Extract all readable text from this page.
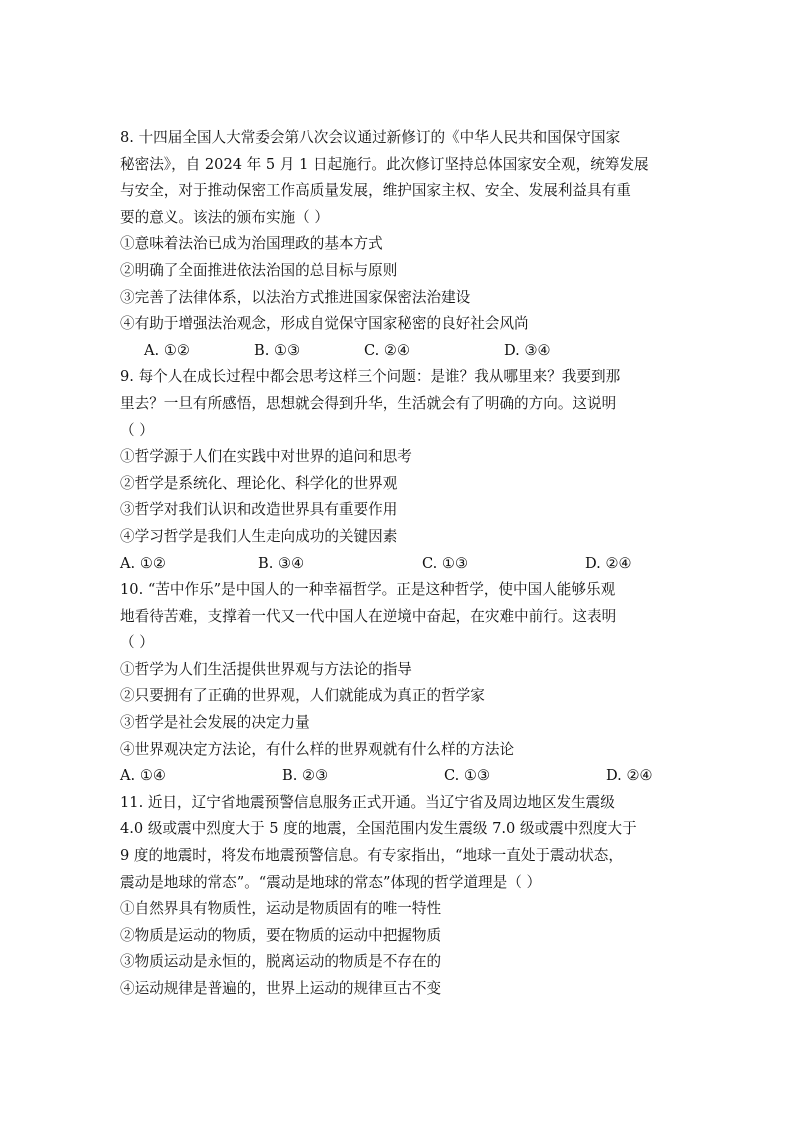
8. 十四届全国人大常委会第八次会议通过新修订的《中华人民共和国保守国家
秘密法》，自 2024 年 5 月 1 日起施行。此次修订坚持总体国家安全观，统筹发展
与安全，对于推动保密工作高质量发展，维护国家主权、安全、发展利益具有重
要的意义。该法的颁布实施（ ）
①意味着法治已成为治国理政的基本方式
②明确了全面推进依法治国的总目标与原则
③完善了法律体系，以法治方式推进国家保密法治建设
④有助于增强法治观念，形成自觉保守国家秘密的良好社会风尚
A. ①②	B. ①③	C. ②④	D. ③④
9. 每个人在成长过程中都会思考这样三个问题：是谁？我从哪里来？我要到那
里去？一旦有所感悟，思想就会得到升华，生活就会有了明确的方向。这说明
（ ）
①哲学源于人们在实践中对世界的追问和思考
②哲学是系统化、理论化、科学化的世界观
③哲学对我们认识和改造世界具有重要作用
④学习哲学是我们人生走向成功的关键因素
A. ①②	B. ③④	C. ①③	D. ②④
10. “苦中作乐”是中国人的一种幸福哲学。正是这种哲学，使中国人能够乐观
地看待苦难，支撑着一代又一代中国人在逆境中奋起，在灾难中前行。这表明
（ ）
①哲学为人们生活提供世界观与方法论的指导
②只要拥有了正确的世界观，人们就能成为真正的哲学家
③哲学是社会发展的决定力量
④世界观决定方法论，有什么样的世界观就有什么样的方法论
A. ①④	B. ②③	C. ①③	D. ②④
11. 近日，辽宁省地震预警信息服务正式开通。当辽宁省及周边地区发生震级
4.0 级或震中烈度大于 5 度的地震，全国范围内发生震级 7.0 级或震中烈度大于
9 度的地震时，将发布地震预警信息。有专家指出，“地球一直处于震动状态，
震动是地球的常态”。“震动是地球的常态”体现的哲学道理是（ ）
①自然界具有物质性，运动是物质固有的唯一特性
②物质是运动的物质，要在物质的运动中把握物质
③物质运动是永恒的，脱离运动的物质是不存在的
④运动规律是普遍的，世界上运动的规律亘古不变
